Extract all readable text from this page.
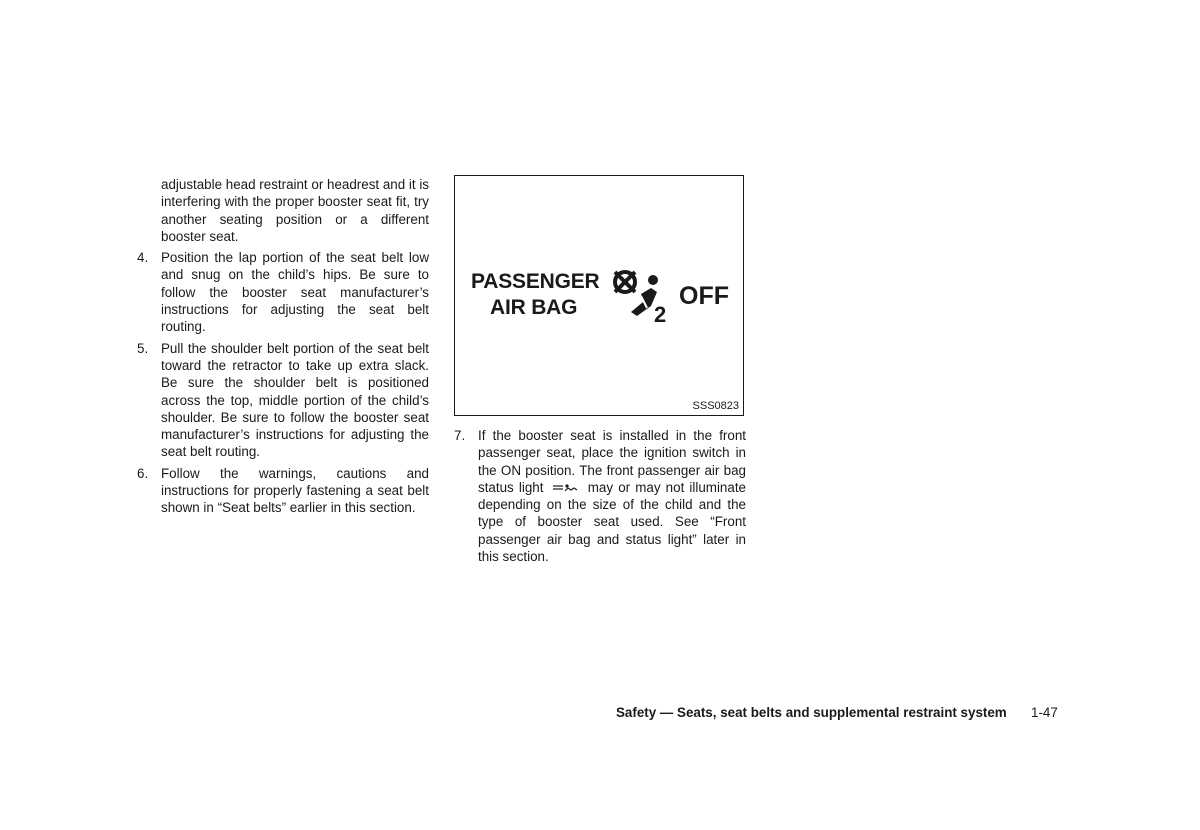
adjustable head restraint or headrest and it is interfering with the proper booster seat fit, try another seating position or a different booster seat.

4. Position the lap portion of the seat belt low and snug on the child’s hips. Be sure to follow the booster seat manufacturer’s instructions for adjusting the seat belt routing.
5. Pull the shoulder belt portion of the seat belt toward the retractor to take up extra slack. Be sure the shoulder belt is positioned across the top, middle portion of the child’s shoulder. Be sure to follow the booster seat manufacturer’s instructions for adjusting the seat belt routing.
6. Follow the warnings, cautions and instructions for properly fastening a seat belt shown in “Seat belts” earlier in this section.
PASSENGER
AIR BAG	2
OFF
SSS0823
7. If the booster seat is installed in the front passenger seat, place the ignition switch in the ON position. The front passenger air bag status light	may or may not illuminate depending on the size of the child and the type of booster seat used. See “Front passenger air bag and status light” later in this section.
Safety — Seats, seat belts and supplemental restraint system 1-47
